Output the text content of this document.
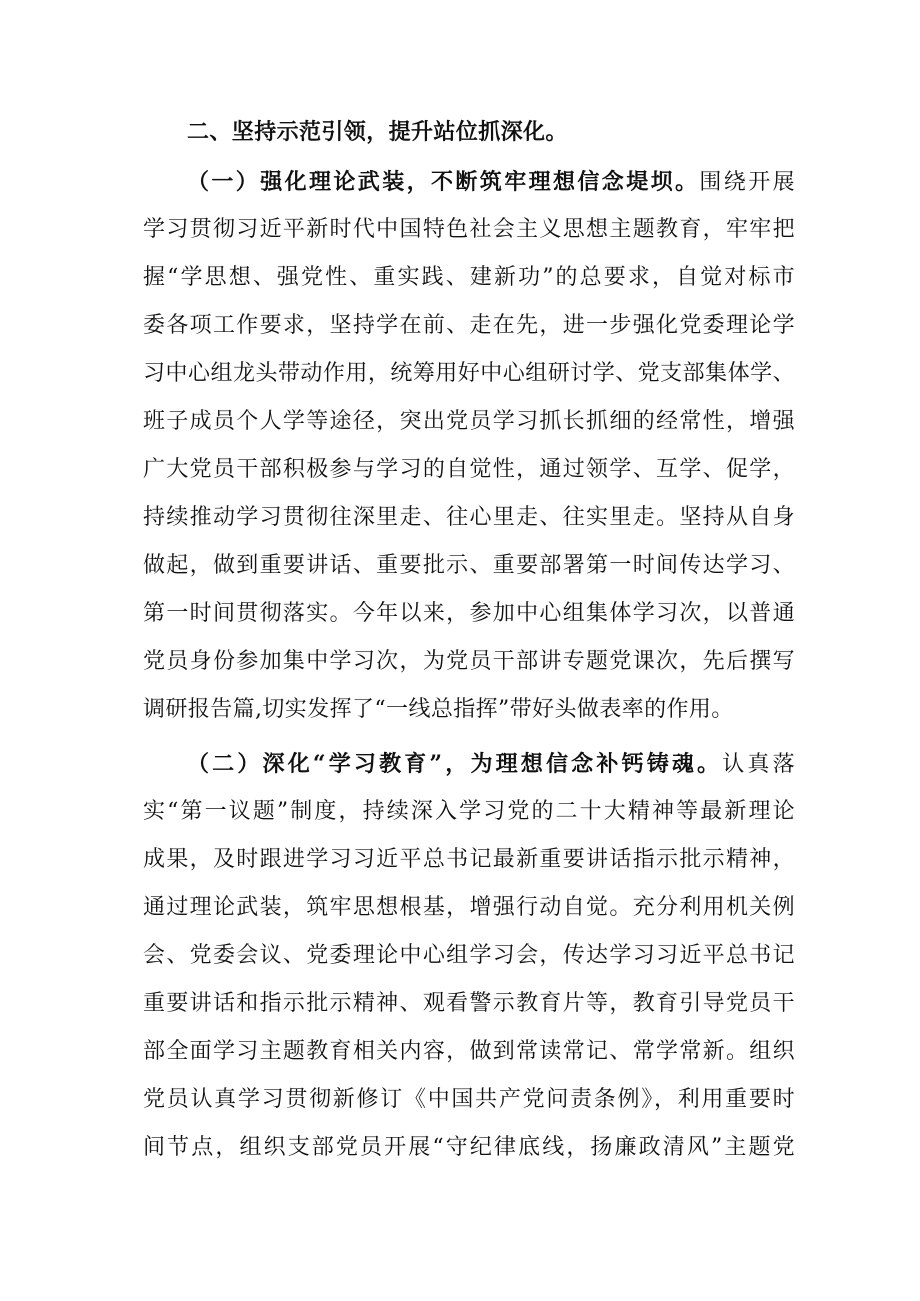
二、坚持示范引领，提升站位抓深化。
（一）强化理论武装，不断筑牢理想信念堤坝。围绕开展
学习贯彻习近平新时代中国特色社会主义思想主题教育，牢牢把
握“学思想、强党性、重实践、建新功”的总要求，自觉对标市
委各项工作要求，坚持学在前、走在先，进一步强化党委理论学
习中心组龙头带动作用，统筹用好中心组研讨学、党支部集体学、
班子成员个人学等途径，突出党员学习抓长抓细的经常性，增强
广大党员干部积极参与学习的自觉性，通过领学、互学、促学，
持续推动学习贯彻往深里走、往心里走、往实里走。坚持从自身
做起，做到重要讲话、重要批示、重要部署第一时间传达学习、
第一时间贯彻落实。今年以来，参加中心组集体学习次，以普通
党员身份参加集中学习次，为党员干部讲专题党课次，先后撰写
调研报告篇,切实发挥了“一线总指挥”带好头做表率的作用。
（二）深化“学习教育”，为理想信念补钙铸魂。认真落
实“第一议题”制度，持续深入学习党的二十大精神等最新理论
成果，及时跟进学习习近平总书记最新重要讲话指示批示精神，
通过理论武装，筑牢思想根基，增强行动自觉。充分利用机关例
会、党委会议、党委理论中心组学习会，传达学习习近平总书记
重要讲话和指示批示精神、观看警示教育片等，教育引导党员干
部全面学习主题教育相关内容，做到常读常记、常学常新。组织
党员认真学习贯彻新修订《中国共产党问责条例》，利用重要时
间节点，组织支部党员开展“守纪律底线，扬廉政清风”主题党
